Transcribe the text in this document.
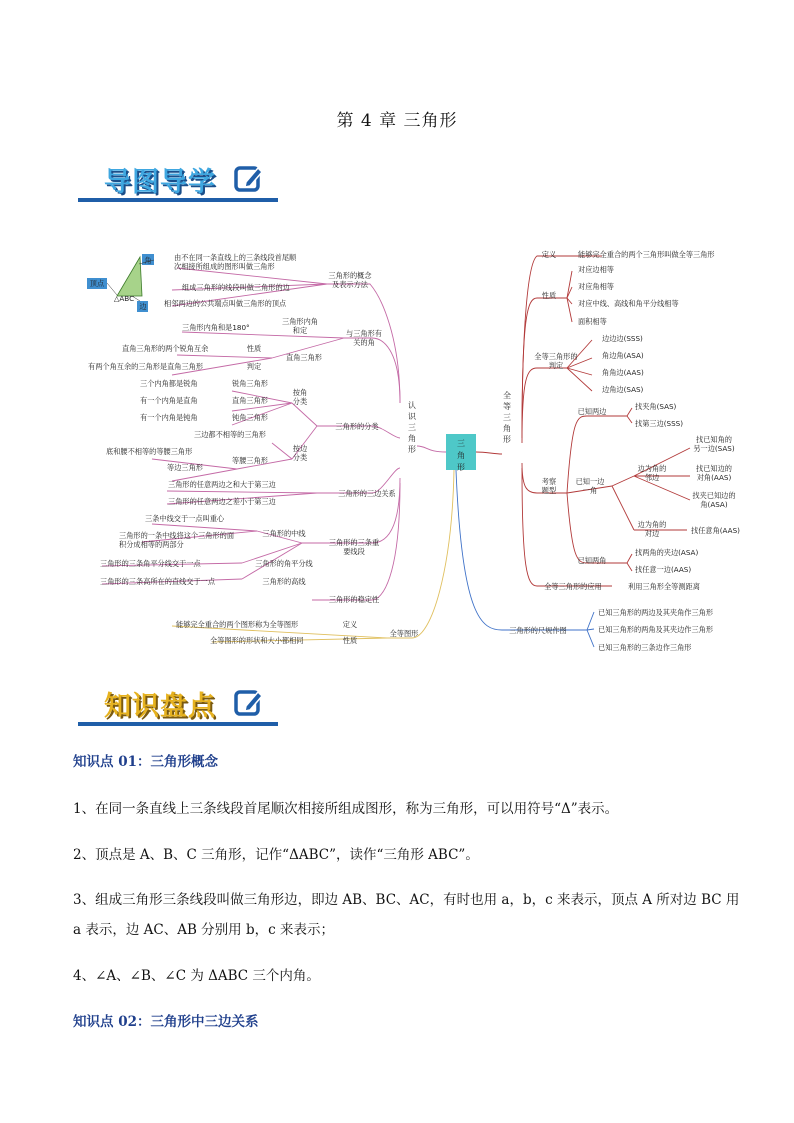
第 4 章 三角形
导图导学
三
角
形
角
顶点
边
△ABC
认识三角形
全等三角形
三角形的概念及表示方法
由不在同一条直线上的三条线段首尾顺次相接所组成的图形叫做三角形
组成三角形的线段叫做三角形的边
相邻两边的公共端点叫做三角形的顶点
三角形内角和定
三角形内角和是180°
与三角形有关的角
直角三角形
性质
直角三角形的两个锐角互余
判定
有两个角互余的三角形是直角三角形
三角形的分类
按角分类
三个内角都是锐角	锐角三角形
有一个内角是直角	直角三角形
有一个内角是钝角	钝角三角形
三边都不相等的三角形
按边分类
底和腰不相等的等腰三角形
等腰三角形
等边三角形
三角形的任意两边之和大于第三边
三角形的任意两边之差小于第三边
三角形的三边关系
三条中线交于一点叫重心
三角形的一条中线将这个三角形的面积分成相等的两部分
三角形的中线
三角形的三条重要线段
三角形的三条角平分线交于一点	三角形的角平分线
三角形的三条高所在的直线交于一点	三角形的高线
三角形的稳定性
能够完全重合的两个图形称为全等图形	定义
全等图形的形状和大小都相同	性质
全等图形
定义	能够完全重合的两个三角形叫做全等三角形
性质
对应边相等
对应角相等
对应中线、高线和角平分线相等
面积相等
全等三角形的判定
边边边(SSS)
角边角(ASA)
角角边(AAS)
边角边(SAS)
考察题型
已知两边
找夹角(SAS)
找第三边(SSS)
已知一边一角
边为角的邻边
找已知角的另一边(SAS)
找已知边的对角(AAS)
找夹已知边的角(ASA)
边为角的对边	找任意角(AAS)
已知两角
找两角的夹边(ASA)
找任意一边(AAS)
全等三角形的应用	利用三角形全等测距离
三角形的尺规作图
已知三角形的两边及其夹角作三角形
已知三角形的两角及其夹边作三角形
已知三角形的三条边作三角形
知识盘点
知识点 01：三角形概念
1、在同一条直线上三条线段首尾顺次相接所组成图形，称为三角形，可以用符号“Δ”表示。
2、顶点是 A、B、C 三角形，记作“ΔABC”，读作“三角形 ABC”。
3、组成三角形三条线段叫做三角形边，即边 AB、BC、AC，有时也用 a，b，c 来表示，顶点 A 所对边 BC 用
a 表示，边 AC、AB 分别用 b，c 来表示；
4、∠A、∠B、∠C 为 ΔABC 三个内角。
知识点 02：三角形中三边关系
